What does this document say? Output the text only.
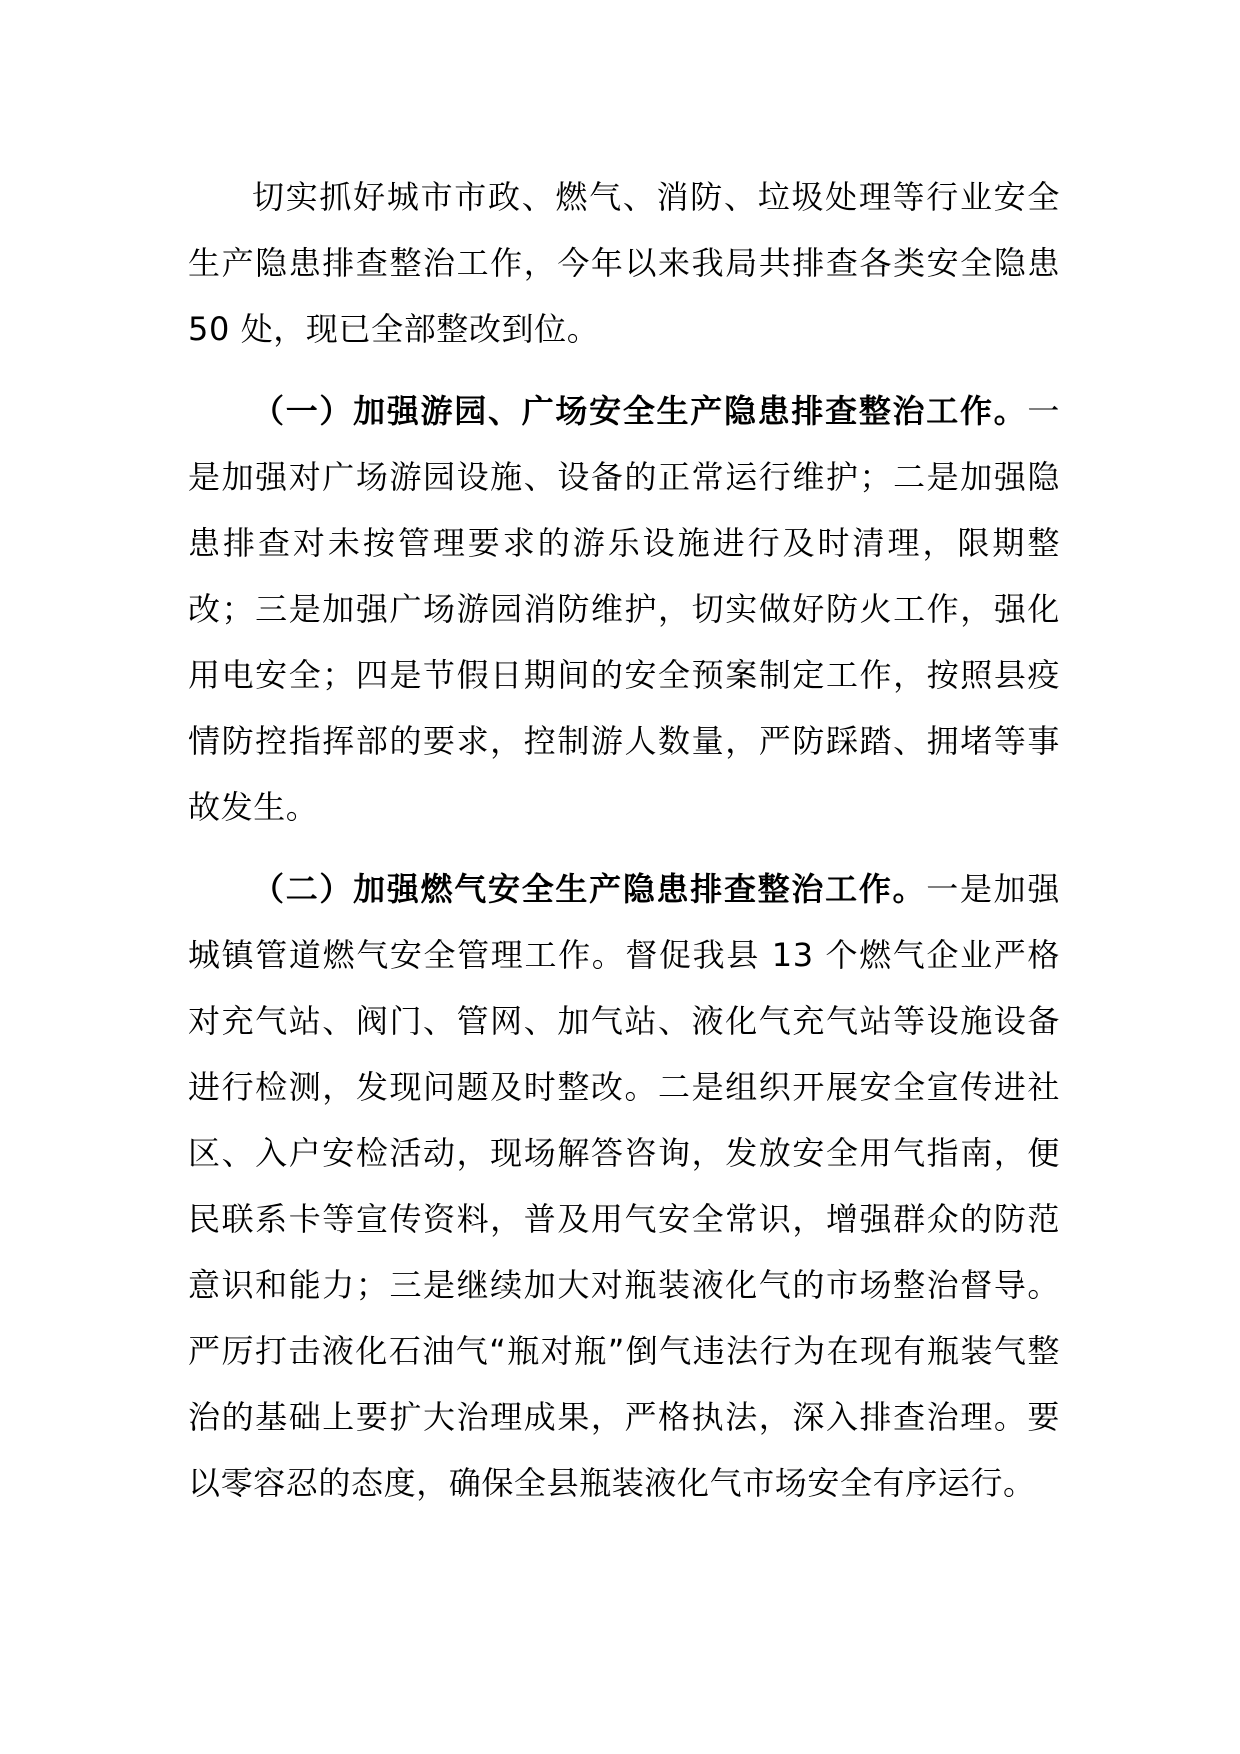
切实抓好城市市政、燃气、消防、垃圾处理等行业安全生产隐患排查整治工作，今年以来我局共排查各类安全隐患 50 处，现已全部整改到位。

（一）加强游园、广场安全生产隐患排查整治工作。一是加强对广场游园设施、设备的正常运行维护；二是加强隐患排查对未按管理要求的游乐设施进行及时清理，限期整改；三是加强广场游园消防维护，切实做好防火工作，强化用电安全；四是节假日期间的安全预案制定工作，按照县疫情防控指挥部的要求，控制游人数量，严防踩踏、拥堵等事故发生。

（二）加强燃气安全生产隐患排查整治工作。一是加强城镇管道燃气安全管理工作。督促我县 13 个燃气企业严格对充气站、阀门、管网、加气站、液化气充气站等设施设备进行检测，发现问题及时整改。二是组织开展安全宣传进社区、入户安检活动，现场解答咨询，发放安全用气指南，便民联系卡等宣传资料，普及用气安全常识，增强群众的防范意识和能力；三是继续加大对瓶装液化气的市场整治督导。严厉打击液化石油气“瓶对瓶”倒气违法行为在现有瓶装气整治的基础上要扩大治理成果，严格执法，深入排查治理。要以零容忍的态度，确保全县瓶装液化气市场安全有序运行。
